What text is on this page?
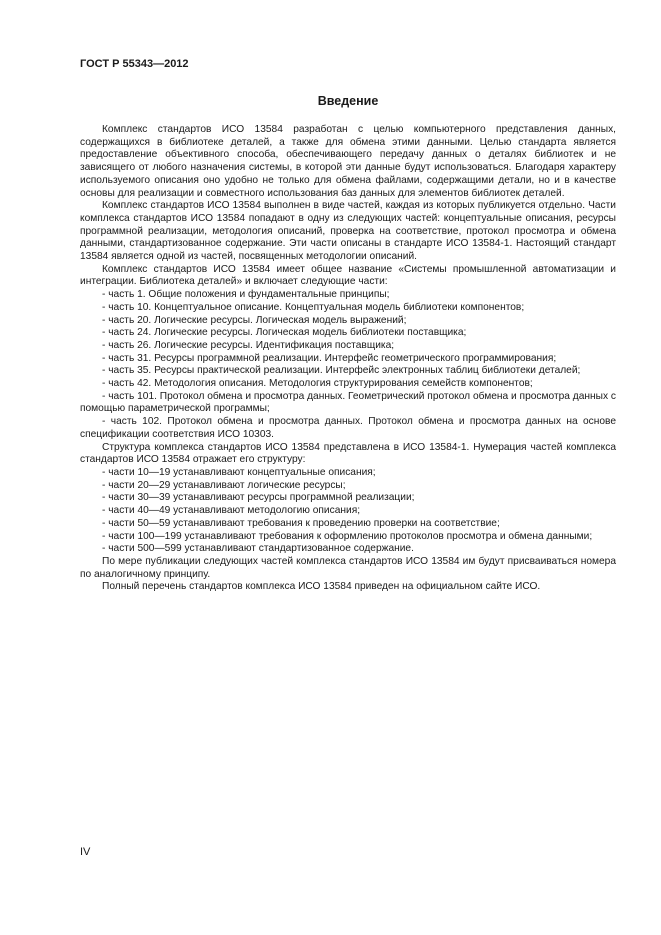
ГОСТ Р 55343—2012
Введение

Комплекс стандартов ИСО 13584 разработан с целью компьютерного представления данных, содержащихся в библиотеке деталей, а также для обмена этими данными. Целью стандарта является предоставление объективного способа, обеспечивающего передачу данных о деталях библиотек и не зависящего от любого назначения системы, в которой эти данные будут использоваться. Благодаря характеру используемого описания оно удобно не только для обмена файлами, содержащими детали, но и в качестве основы для реализации и совместного использования баз данных для элементов библиотек деталей.

Комплекс стандартов ИСО 13584 выполнен в виде частей, каждая из которых публикуется отдельно. Части комплекса стандартов ИСО 13584 попадают в одну из следующих частей: концептуальные описания, ресурсы программной реализации, методология описаний, проверка на соответствие, протокол просмотра и обмена данными, стандартизованное содержание. Эти части описаны в стандарте ИСО 13584-1. Настоящий стандарт 13584 является одной из частей, посвященных методологии описаний.

Комплекс стандартов ИСО 13584 имеет общее название «Системы промышленной автоматизации и интеграции. Библиотека деталей» и включает следующие части:

- часть 1. Общие положения и фундаментальные принципы;
- часть 10. Концептуальное описание. Концептуальная модель библиотеки компонентов;
- часть 20. Логические ресурсы. Логическая модель выражений;
- часть 24. Логические ресурсы. Логическая модель библиотеки поставщика;
- часть 26. Логические ресурсы. Идентификация поставщика;
- часть 31. Ресурсы программной реализации. Интерфейс геометрического программирования;
- часть 35. Ресурсы практической реализации. Интерфейс электронных таблиц библиотеки деталей;
- часть 42. Методология описания. Методология структурирования семейств компонентов;
- часть 101. Протокол обмена и просмотра данных. Геометрический протокол обмена и просмотра данных с помощью параметрической программы;
- часть 102. Протокол обмена и просмотра данных. Протокол обмена и просмотра данных на основе спецификации соответствия ИСО 10303.

Структура комплекса стандартов ИСО 13584 представлена в ИСО 13584-1. Нумерация частей комплекса стандартов ИСО 13584 отражает его структуру:

- части 10—19 устанавливают концептуальные описания;
- части 20—29 устанавливают логические ресурсы;
- части 30—39 устанавливают ресурсы программной реализации;
- части 40—49 устанавливают методологию описания;
- части 50—59 устанавливают требования к проведению проверки на соответствие;
- части 100—199 устанавливают требования к оформлению протоколов просмотра и обмена данными;
- части 500—599 устанавливают стандартизованное содержание.

По мере публикации следующих частей комплекса стандартов ИСО 13584 им будут присваиваться номера по аналогичному принципу.

Полный перечень стандартов комплекса ИСО 13584 приведен на официальном сайте ИСО.

IV
